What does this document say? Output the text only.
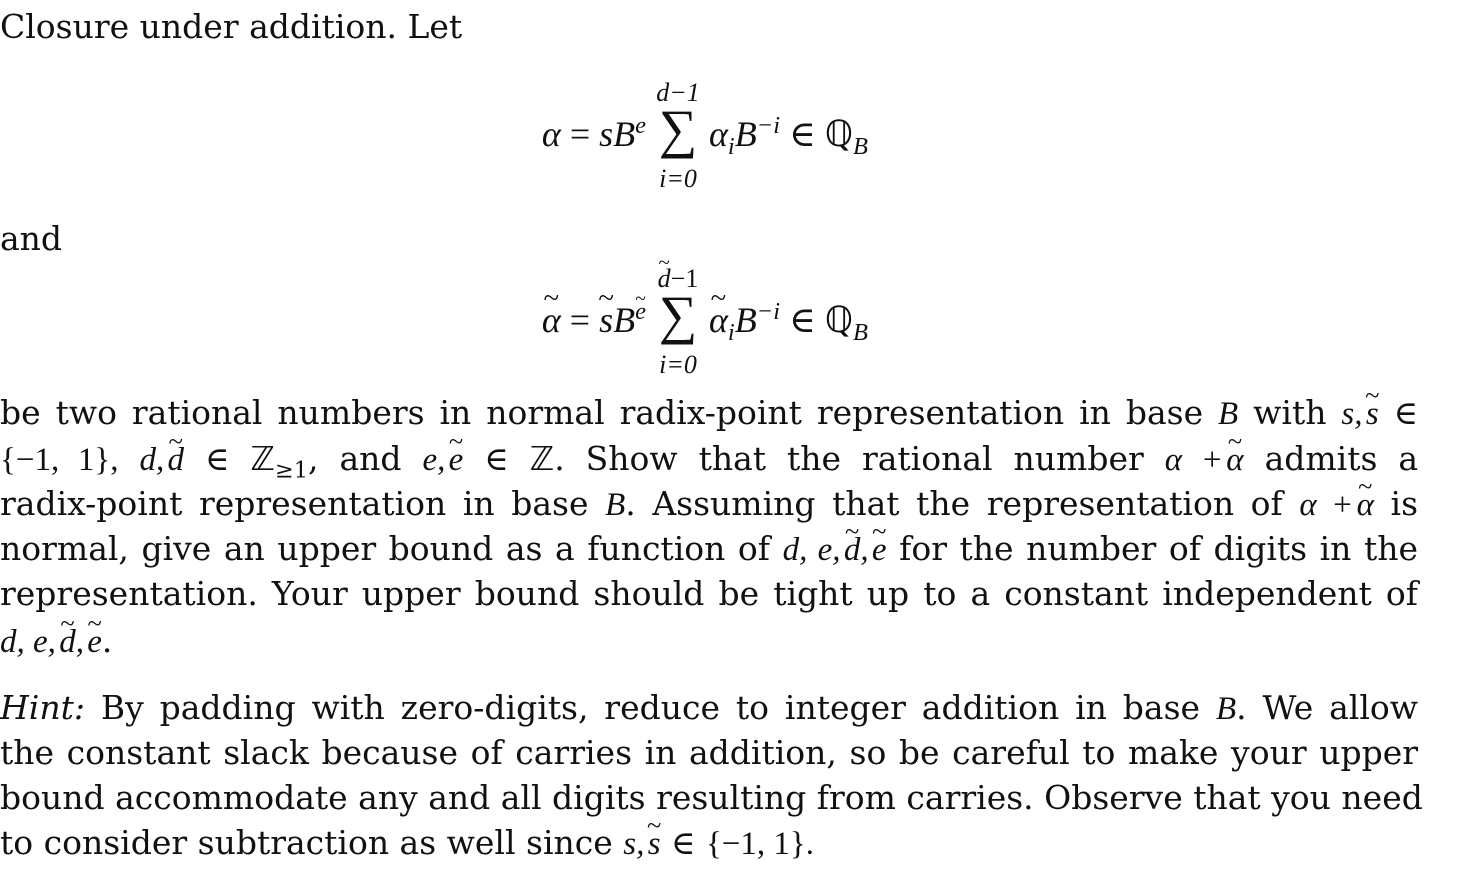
Closure under addition. Let
d−1
∑
i=0
$\alpha = sB^e$ $\alpha_iB^{-i}$ ∈ ℚ$_B$
and
~ d−1
∑
i=0
~ α = ~ $sB^e$ ~ $\alpha_iB^{-i}$ ∈ ℚ$_B$
be two rational numbers in normal radix-point representation in base B with s, ~ s ∈
{−1, 1}, d, ~ d ∈ ℤ$_{\ge 1}$, and e, ~ e ∈ ℤ. Show that the rational number α + ~ α admits a
radix-point representation in base B. Assuming that the representation of α + ~ α is
normal, give an upper bound as a function of d, e, ~ d, ~ e for the number of digits in the
representation. Your upper bound should be tight up to a constant independent of
d, e, ~ d, ~ e.
Hint: By padding with zero-digits, reduce to integer addition in base B. We allow
the constant slack because of carries in addition, so be careful to make your upper
bound accommodate any and all digits resulting from carries. Observe that you need
to consider subtraction as well since s, ~ s ∈ {−1, 1}.
